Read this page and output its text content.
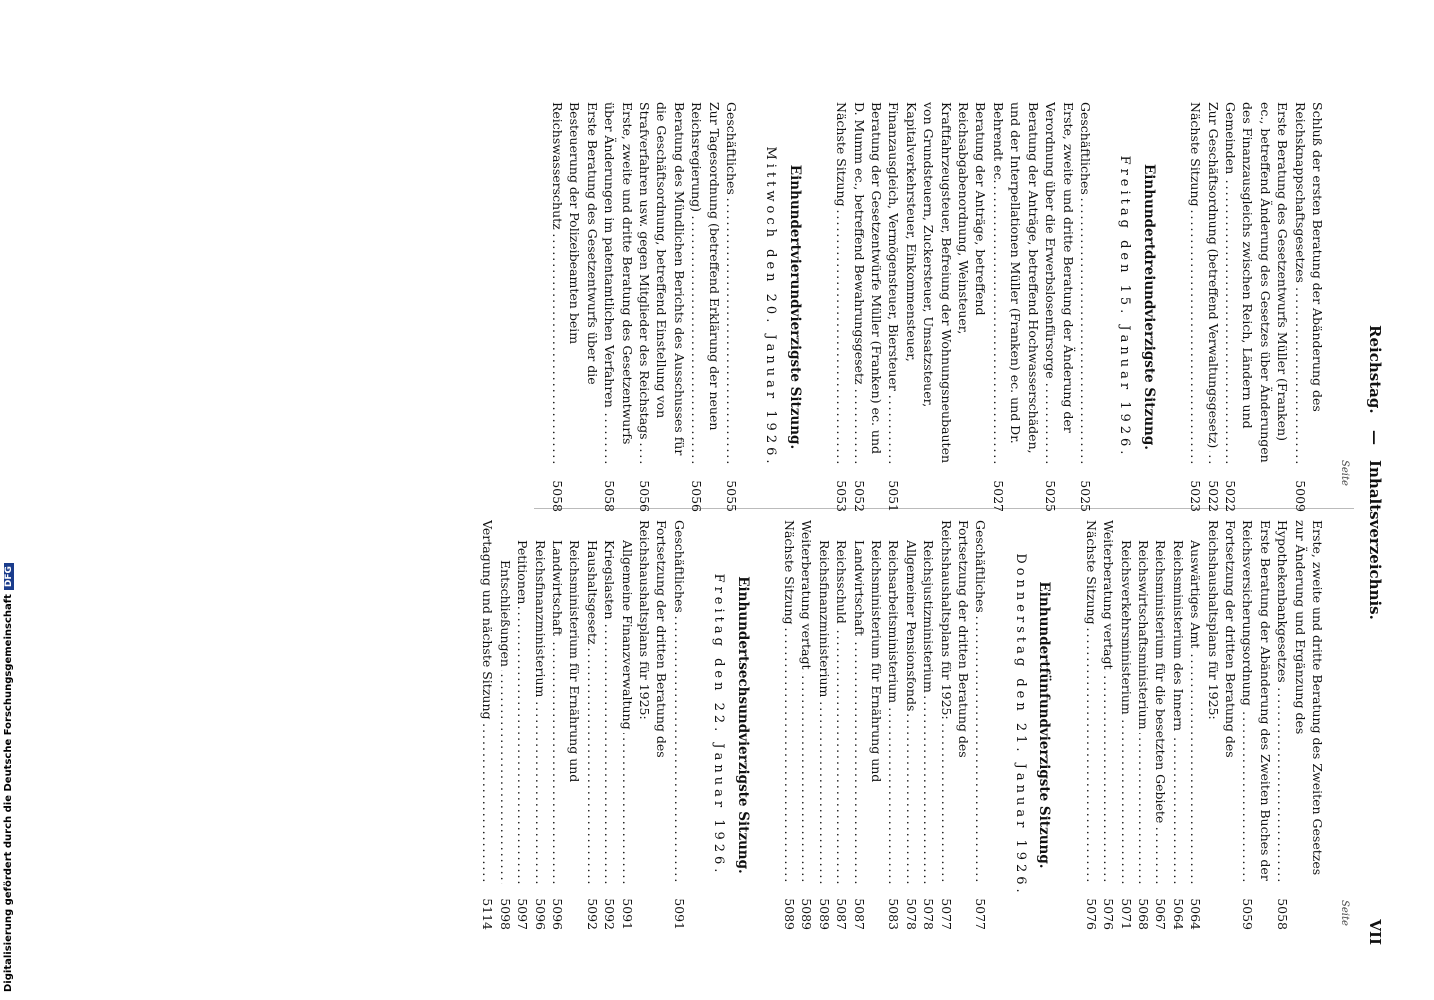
Reichstag.
—
Inhaltsverzeichnis.
VII
Seite
Seite
Schluß der ersten Beratung der Abänderung des Reichsknappschaftsgesetzes .....
5009
Erste Beratung des Gesetzentwurfs Müller (Franken) ec., betreffend Änderung des Gesetzes über Änderungen des Finanzausgleichs zwischen Reich, Ländern und Gemeinden .....
5022
Zur Geschäftsordnung (betreffend Verwaltungsgesetz) .....
5022
Nächste Sitzung .....
5023
Einhundertdreiundvierzigste Sitzung.
Freitag den 15. Januar 1926.
Geschäftliches .....
5025
Erste, zweite und dritte Beratung der Änderung der Verordnung über die Erwerbslosenfürsorge .....
5025
Beratung der Anträge, betreffend Hochwasserschäden, und der Interpellationen Müller (Franken) ec. und Dr. Behrendt ec. .....
5027
Beratung der Anträge, betreffend Reichsabgabenordnung, Weinsteuer, Kraftfahrzeugsteuer, Befreiung der Wohnungsneubauten von Grundsteuern, Zuckersteuer, Umsatzsteuer, Kapitalverkehrsteuer, Einkommensteuer, Finanzausgleich, Vermögensteuer, Biersteuer .....
5051
Beratung der Gesetzentwürfe Müller (Franken) ec. und D. Mumm ec., betreffend Bewahrungsgesetz .....
5052
Nächste Sitzung .....
5053
Einhundertvierundvierzigste Sitzung.
Mittwoch den 20. Januar 1926.
Geschäftliches .....
5055
Zur Tagesordnung (betreffend Erklärung der neuen Reichsregierung) .....
5056
Beratung des Mündlichen Berichts des Ausschusses für die Geschäftsordnung, betreffend Einstellung von Strafverfahren usw. gegen Mitglieder des Reichstags .....
5056
Erste, zweite und dritte Beratung des Gesetzentwurfs über Änderungen im patentamtlichen Verfahren .....
5058
Erste Beratung des Gesetzentwurfs über die Besteuerung der Polizeibeamten beim Reichswasserschutz .....
5058
Erste, zweite und dritte Beratung des Zweiten Gesetzes zur Änderung und Ergänzung des Hypothekenbankgesetzes .....
5058
Erste Beratung der Abänderung des Zweiten Buches der Reichsversicherungsordnung .....
5059
Fortsetzung der dritten Beratung des Reichshaushaltsplans für 1925:
Auswärtiges Amt .....
5064
Reichsministerium des Innern .....
5064
Reichsministerium für die besetzten Gebiete .....
5067
Reichswirtschaftsministerium .....
5068
Reichsverkehrsministerium .....
5071
Weiterberatung vertagt .....
5076
Nächste Sitzung .....
5076
Einhundertfünfundvierzigste Sitzung.
Donnerstag den 21. Januar 1926.
Geschäftliches .....
5077
Fortsetzung der dritten Beratung des Reichshaushaltsplans für 1925: .....
5077
Reichsjustizministerium .....
5078
Allgemeiner Pensionsfonds .....
5078
Reichsarbeitsministerium .....
5083
Reichsministerium für Ernährung und Landwirtschaft .....
5087
Reichsschuld .....
5087
Reichsfinanzministerium .....
5089
Weiterberatung vertagt .....
5089
Nächste Sitzung .....
5089
Einhundertsechsundvierzigste Sitzung.
Freitag den 22. Januar 1926.
Geschäftliches .....
5091
Fortsetzung der dritten Beratung des Reichshaushaltsplans für 1925:
Allgemeine Finanzverwaltung .....
5091
Kriegslasten .....
5092
Haushaltsgesetz .....
5092
Reichsministerium für Ernährung und Landwirtschaft .....
5096
Reichsfinanzministerium .....
5096
Petitionen .....
5097
Entschließungen .....
5098
Vertagung und nächste Sitzung .....
5114
Digitalisierung gefördert durch die Deutsche Forschungsgemeinschaft
DFG
